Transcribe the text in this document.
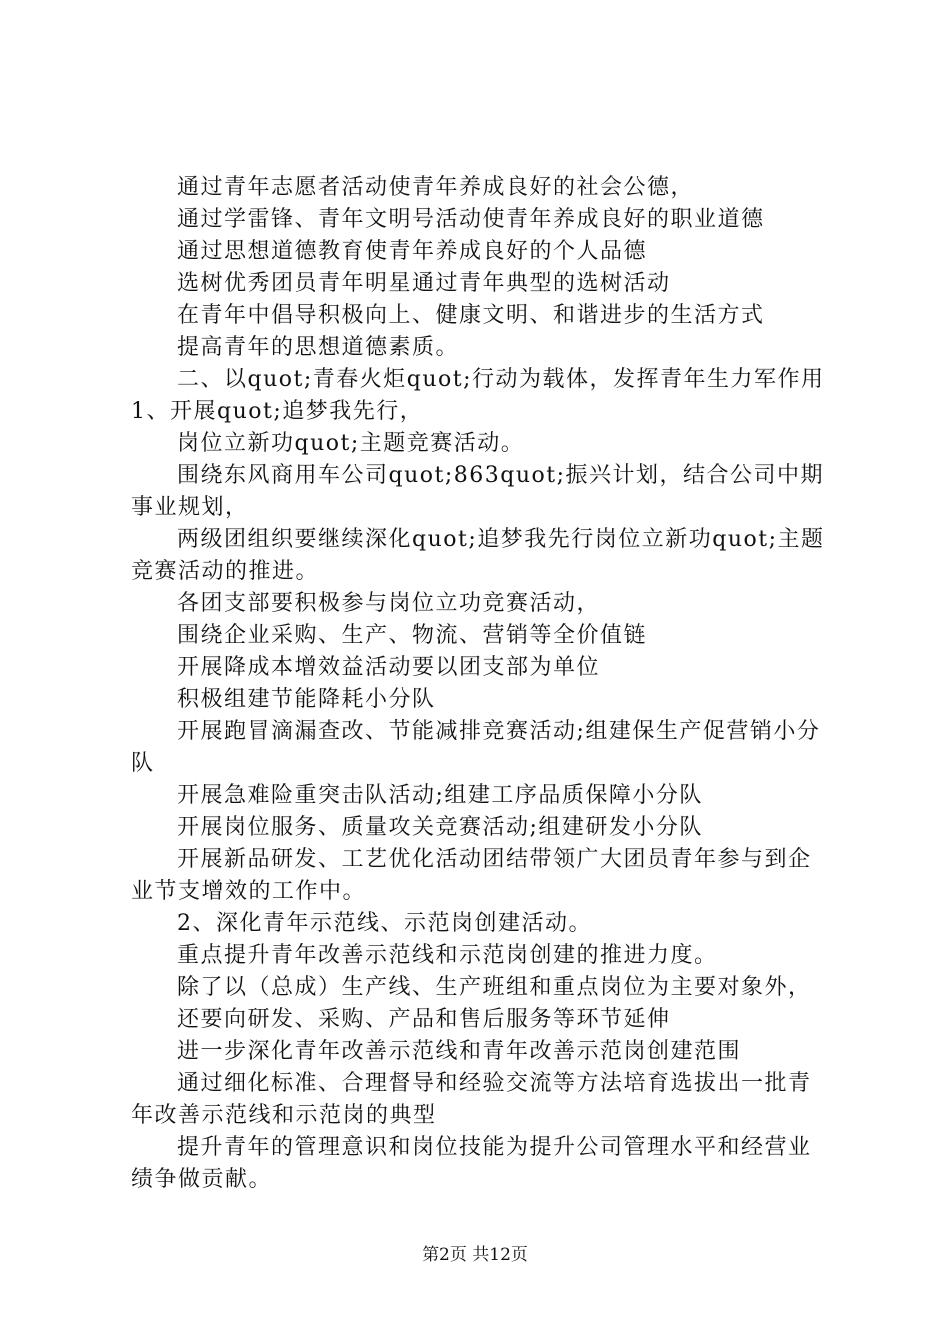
通过青年志愿者活动使青年养成良好的社会公德，

通过学雷锋、青年文明号活动使青年养成良好的职业道德

通过思想道德教育使青年养成良好的个人品德

选树优秀团员青年明星通过青年典型的选树活动

在青年中倡导积极向上、健康文明、和谐进步的生活方式

提高青年的思想道德素质。

二、以quot;青春火炬quot;行动为载体，发挥青年生力军作用1、开展quot;追梦我先行，

岗位立新功quot;主题竞赛活动。

围绕东风商用车公司quot;863quot;振兴计划，结合公司中期事业规划，

两级团组织要继续深化quot;追梦我先行岗位立新功quot;主题竞赛活动的推进。

各团支部要积极参与岗位立功竞赛活动，

围绕企业采购、生产、物流、营销等全价值链

开展降成本增效益活动要以团支部为单位

积极组建节能降耗小分队

开展跑冒滴漏查改、节能减排竞赛活动;组建保生产促营销小分队

开展急难险重突击队活动;组建工序品质保障小分队

开展岗位服务、质量攻关竞赛活动;组建研发小分队

开展新品研发、工艺优化活动团结带领广大团员青年参与到企业节支增效的工作中。

2、深化青年示范线、示范岗创建活动。

重点提升青年改善示范线和示范岗创建的推进力度。

除了以（总成）生产线、生产班组和重点岗位为主要对象外，

还要向研发、采购、产品和售后服务等环节延伸

进一步深化青年改善示范线和青年改善示范岗创建范围

通过细化标准、合理督导和经验交流等方法培育选拔出一批青年改善示范线和示范岗的典型

提升青年的管理意识和岗位技能为提升公司管理水平和经营业绩争做贡献。

第2页 共12页
